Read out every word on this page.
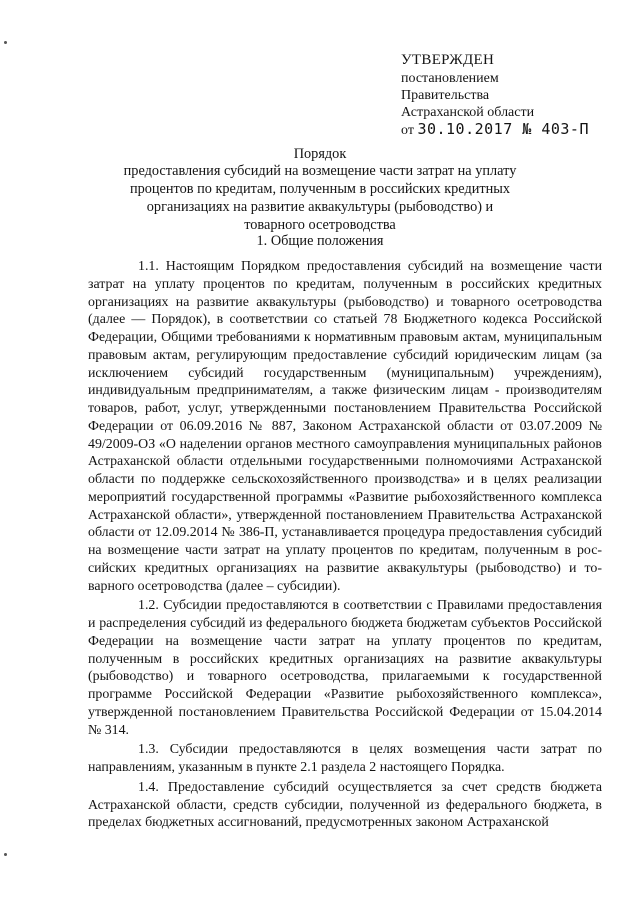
УТВЕРЖДЕН
постановлением
Правительства
Астраханской области
от 30.10.2017 № 403-П
Порядок
предоставления субсидий на возмещение части затрат на уплату процентов по кредитам, полученным в российских кредитных организациях на развитие аквакультуры (рыбоводство) и товарного осетроводства
1. Общие положения

1.1. Настоящим Порядком предоставления субсидий на возмещение части затрат на уплату процентов по кредитам, полученным в российских кредитных организациях на развитие аквакультуры (рыбоводство) и товарного осетроводства (далее — Порядок), в соответствии со статьей 78 Бюджетного кодекса Российской Федерации, Общими требованиями к нормативным правовым актам, муниципальным правовым актам, регулирующим предоставление субсидий юридическим лицам (за исключением субсидий государственным (муниципальным) учреждениям), индивидуальным предпринимателям, а также физическим лицам - производителям товаров, работ, услуг, утвержденными постановлением Правительства Российской Федерации от 06.09.2016 № 887, Законом Астраханской области от 03.07.2009 № 49/2009-ОЗ «О наделении органов местного самоуправления муниципальных районов Астраханской области отдельными государственными полномочиями Астраханской области по поддержке сельскохозяйственного производства» и в целях реализации мероприятий государственной программы «Развитие рыбохозяйственного комплекса Астраханской области», утвержденной постановлением Правительства Астраханской области от 12.09.2014 № 386-П, устанавливается процедура предоставления субсидий на возмещение части затрат на уплату процентов по кредитам, полученным в российских кредитных организациях на развитие аквакультуры (рыбоводство) и товарного осетроводства (далее – субсидии).

1.2. Субсидии предоставляются в соответствии с Правилами предоставления и распределения субсидий из федерального бюджета бюджетам субъектов Российской Федерации на возмещение части затрат на уплату процентов по кредитам, полученным в российских кредитных организациях на развитие аквакультуры (рыбоводство) и товарного осетроводства, прилагаемыми к государственной программе Российской Федерации «Развитие рыбохозяйственного комплекса», утвержденной постановлением Правительства Российской Федерации от 15.04.2014 № 314.

1.3. Субсидии предоставляются в целях возмещения части затрат по направлениям, указанным в пункте 2.1 раздела 2 настоящего Порядка.

1.4. Предоставление субсидий осуществляется за счет средств бюджета Астраханской области, средств субсидии, полученной из федерального бюджета, в пределах бюджетных ассигнований, предусмотренных законом Астраханской
